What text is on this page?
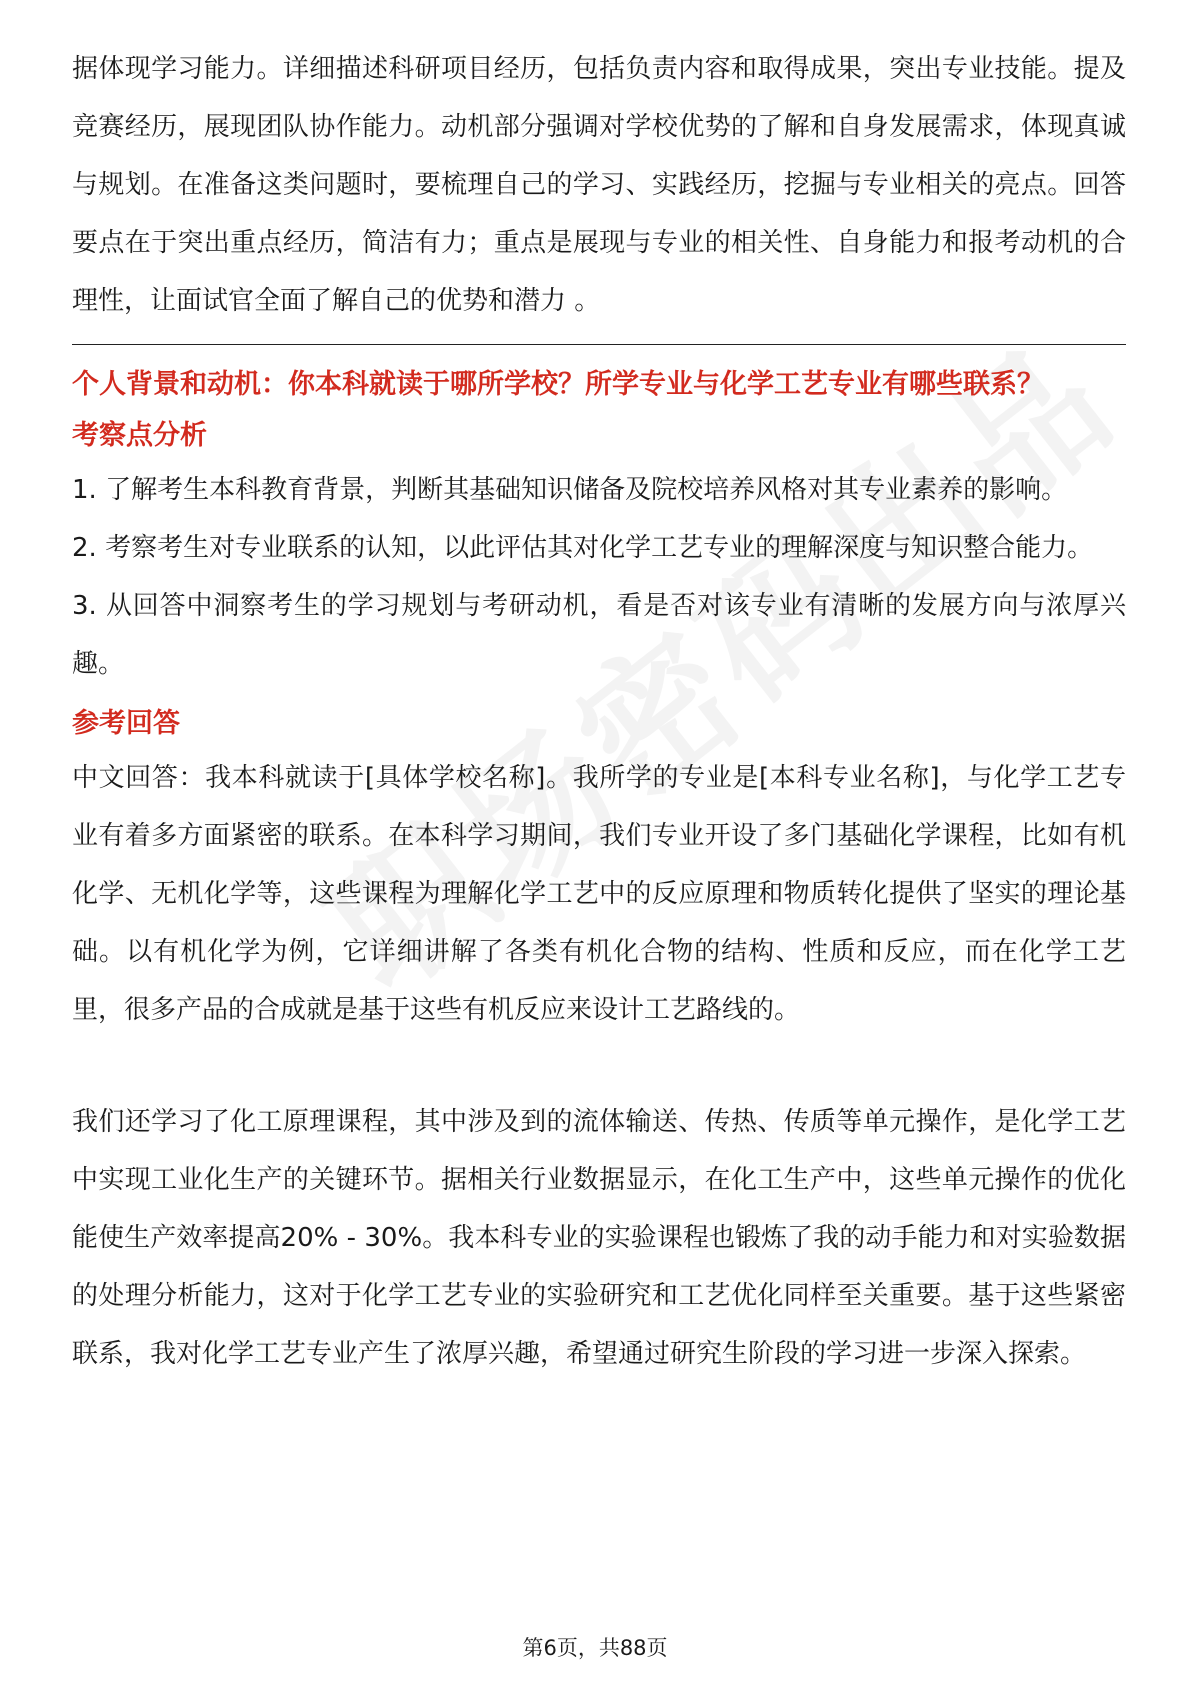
据体现学习能力。详细描述科研项目经历，包括负责内容和取得成果，突出专业技能。提及竞赛经历，展现团队协作能力。动机部分强调对学校优势的了解和自身发展需求，体现真诚与规划。在准备这类问题时，要梳理自己的学习、实践经历，挖掘与专业相关的亮点。回答要点在于突出重点经历，简洁有力；重点是展现与专业的相关性、自身能力和报考动机的合理性，让面试官全面了解自己的优势和潜力 。

个人背景和动机：你本科就读于哪所学校？所学专业与化学工艺专业有哪些联系？

考察点分析

1. 了解考生本科教育背景，判断其基础知识储备及院校培养风格对其专业素养的影响。

2. 考察考生对专业联系的认知，以此评估其对化学工艺专业的理解深度与知识整合能力。

3. 从回答中洞察考生的学习规划与考研动机，看是否对该专业有清晰的发展方向与浓厚兴趣。

参考回答

中文回答：我本科就读于[具体学校名称]。我所学的专业是[本科专业名称]，与化学工艺专业有着多方面紧密的联系。在本科学习期间，我们专业开设了多门基础化学课程，比如有机化学、无机化学等，这些课程为理解化学工艺中的反应原理和物质转化提供了坚实的理论基础。以有机化学为例，它详细讲解了各类有机化合物的结构、性质和反应，而在化学工艺里，很多产品的合成就是基于这些有机反应来设计工艺路线的。

我们还学习了化工原理课程，其中涉及到的流体输送、传热、传质等单元操作，是化学工艺中实现工业化生产的关键环节。据相关行业数据显示，在化工生产中，这些单元操作的优化能使生产效率提高20% - 30%。我本科专业的实验课程也锻炼了我的动手能力和对实验数据的处理分析能力，这对于化学工艺专业的实验研究和工艺优化同样至关重要。基于这些紧密联系，我对化学工艺专业产生了浓厚兴趣，希望通过研究生阶段的学习进一步深入探索。

第6页，共88页
